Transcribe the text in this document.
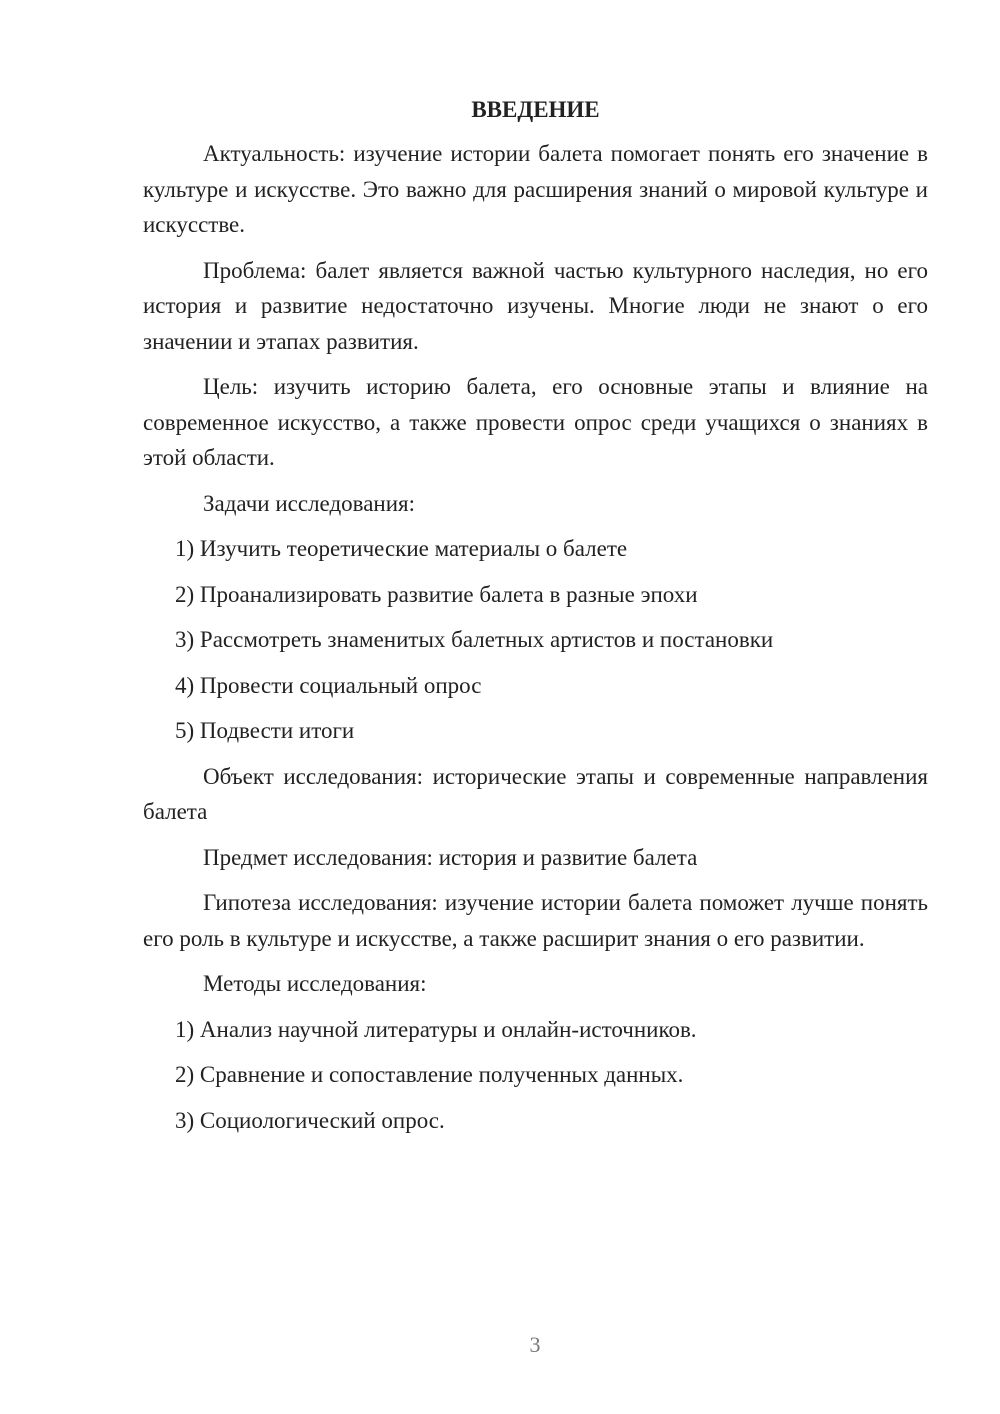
ВВЕДЕНИЕ
Актуальность: изучение истории балета помогает понять его значение в культуре и искусстве. Это важно для расширения знаний о мировой культуре и искусстве.
Проблема: балет является важной частью культурного наследия, но его история и развитие недостаточно изучены. Многие люди не знают о его значении и этапах развития.
Цель: изучить историю балета, его основные этапы и влияние на современное искусство, а также провести опрос среди учащихся о знаниях в этой области.
Задачи исследования:
1) Изучить теоретические материалы о балете
2) Проанализировать развитие балета в разные эпохи
3) Рассмотреть знаменитых балетных артистов и постановки
4) Провести социальный опрос
5) Подвести итоги
Объект исследования: исторические этапы и современные направления балета
Предмет исследования: история и развитие балета
Гипотеза исследования: изучение истории балета поможет лучше понять его роль в культуре и искусстве, а также расширит знания о его развитии.
Методы исследования:
1) Анализ научной литературы и онлайн-источников.
2) Сравнение и сопоставление полученных данных.
3) Социологический опрос.
3
